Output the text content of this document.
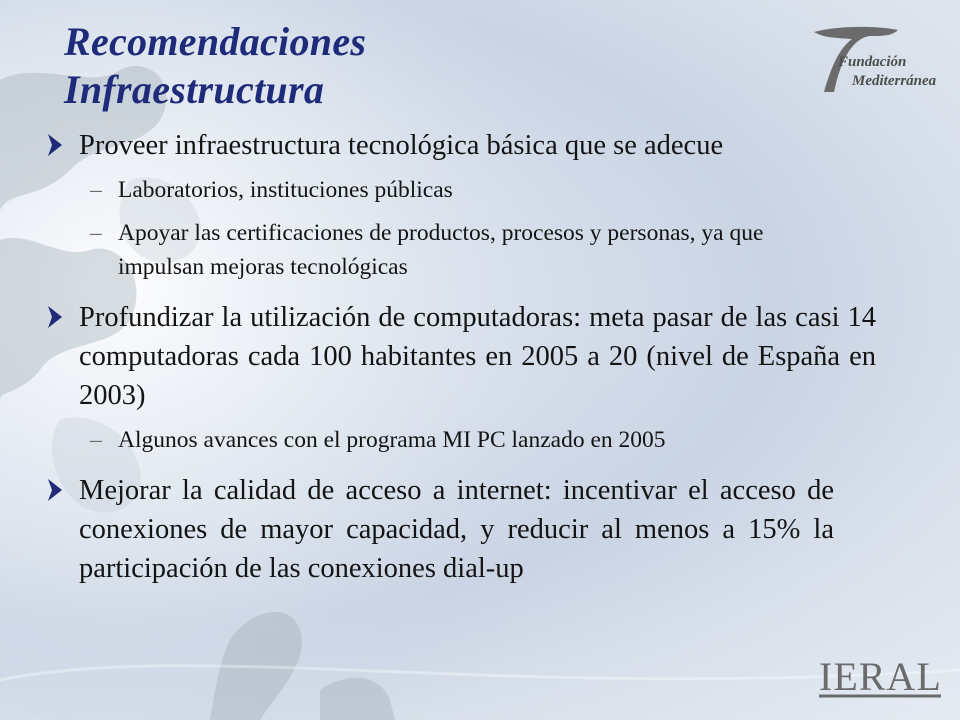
Recomendaciones
Infraestructura
Fundación
Mediterránea
Proveer infraestructura tecnológica básica que se adecue
– Laboratorios, instituciones públicas
– Apoyar las certificaciones de productos, procesos y personas, ya que impulsan mejoras tecnológicas
Profundizar la utilización de computadoras: meta pasar de las casi 14 computadoras cada 100 habitantes en 2005 a 20 (nivel de España en 2003)
– Algunos avances con el programa MI PC lanzado en 2005
Mejorar la calidad de acceso a internet: incentivar el acceso de conexiones de mayor capacidad, y reducir al menos a 15% la participación de las conexiones dial-up
IERAL
